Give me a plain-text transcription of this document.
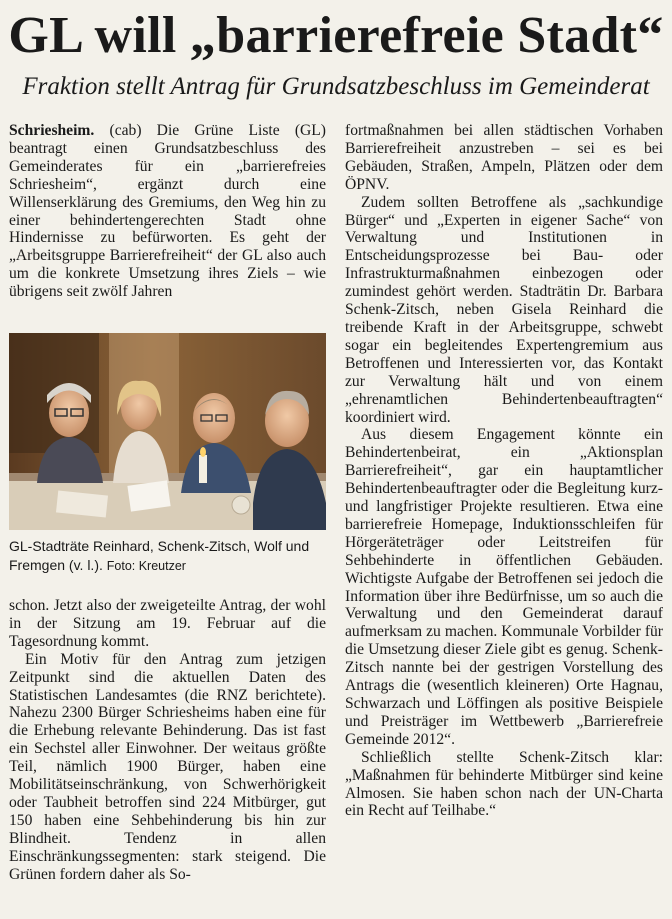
GL will „barrierefreie Stadt“
Fraktion stellt Antrag für Grundsatzbeschluss im Gemeinderat

Schriesheim. (cab) Die Grüne Liste (GL) beantragt einen Grundsatzbeschluss des Gemeinderates für ein „barrierefreies Schriesheim“, ergänzt durch eine Willenserklärung des Gremiums, den Weg hin zu einer behindertengerechten Stadt ohne Hindernisse zu befürworten. Es geht der „Arbeitsgruppe Barrierefreiheit“ der GL also auch um die konkrete Umsetzung ihres Ziels – wie übrigens seit zwölf Jahren

GL-Stadträte Reinhard, Schenk-Zitsch, Wolf und Fremgen (v. l.). Foto: Kreutzer

schon. Jetzt also der zweigeteilte Antrag, der wohl in der Sitzung am 19. Februar auf die Tagesordnung kommt.

Ein Motiv für den Antrag zum jetzigen Zeitpunkt sind die aktuellen Daten des Statistischen Landesamtes (die RNZ berichtete). Nahezu 2300 Bürger Schriesheims haben eine für die Erhebung relevante Behinderung. Das ist fast ein Sechstel aller Einwohner. Der weitaus größte Teil, nämlich 1900 Bürger, haben eine Mobilitätseinschränkung, von Schwerhörigkeit oder Taubheit betroffen sind 224 Mitbürger, gut 150 haben eine Sehbehinderung bis hin zur Blindheit. Tendenz in allen Einschränkungssegmenten: stark steigend. Die Grünen fordern daher als So-

fortmaßnahmen bei allen städtischen Vorhaben Barrierefreiheit anzustreben – sei es bei Gebäuden, Straßen, Ampeln, Plätzen oder dem ÖPNV.

Zudem sollten Betroffene als „sachkundige Bürger“ und „Experten in eigener Sache“ von Verwaltung und Institutionen in Entscheidungsprozesse bei Bau- oder Infrastrukturmaßnahmen einbezogen oder zumindest gehört werden. Stadträtin Dr. Barbara Schenk-Zitsch, neben Gisela Reinhard die treibende Kraft in der Arbeitsgruppe, schwebt sogar ein begleitendes Expertengremium aus Betroffenen und Interessierten vor, das Kontakt zur Verwaltung hält und von einem „ehrenamtlichen Behindertenbeauftragten“ koordiniert wird.

Aus diesem Engagement könnte ein Behindertenbeirat, ein „Aktionsplan Barrierefreiheit“, gar ein hauptamtlicher Behindertenbeauftragter oder die Begleitung kurz- und langfristiger Projekte resultieren. Etwa eine barrierefreie Homepage, Induktionsschleifen für Hörgeräteträger oder Leitstreifen für Sehbehinderte in öffentlichen Gebäuden. Wichtigste Aufgabe der Betroffenen sei jedoch die Information über ihre Bedürfnisse, um so auch die Verwaltung und den Gemeinderat darauf aufmerksam zu machen. Kommunale Vorbilder für die Umsetzung dieser Ziele gibt es genug. Schenk-Zitsch nannte bei der gestrigen Vorstellung des Antrags die (wesentlich kleineren) Orte Hagnau, Schwarzach und Löffingen als positive Beispiele und Preisträger im Wettbewerb „Barrierefreie Gemeinde 2012“.

Schließlich stellte Schenk-Zitsch klar: „Maßnahmen für behinderte Mitbürger sind keine Almosen. Sie haben schon nach der UN-Charta ein Recht auf Teilhabe.“
